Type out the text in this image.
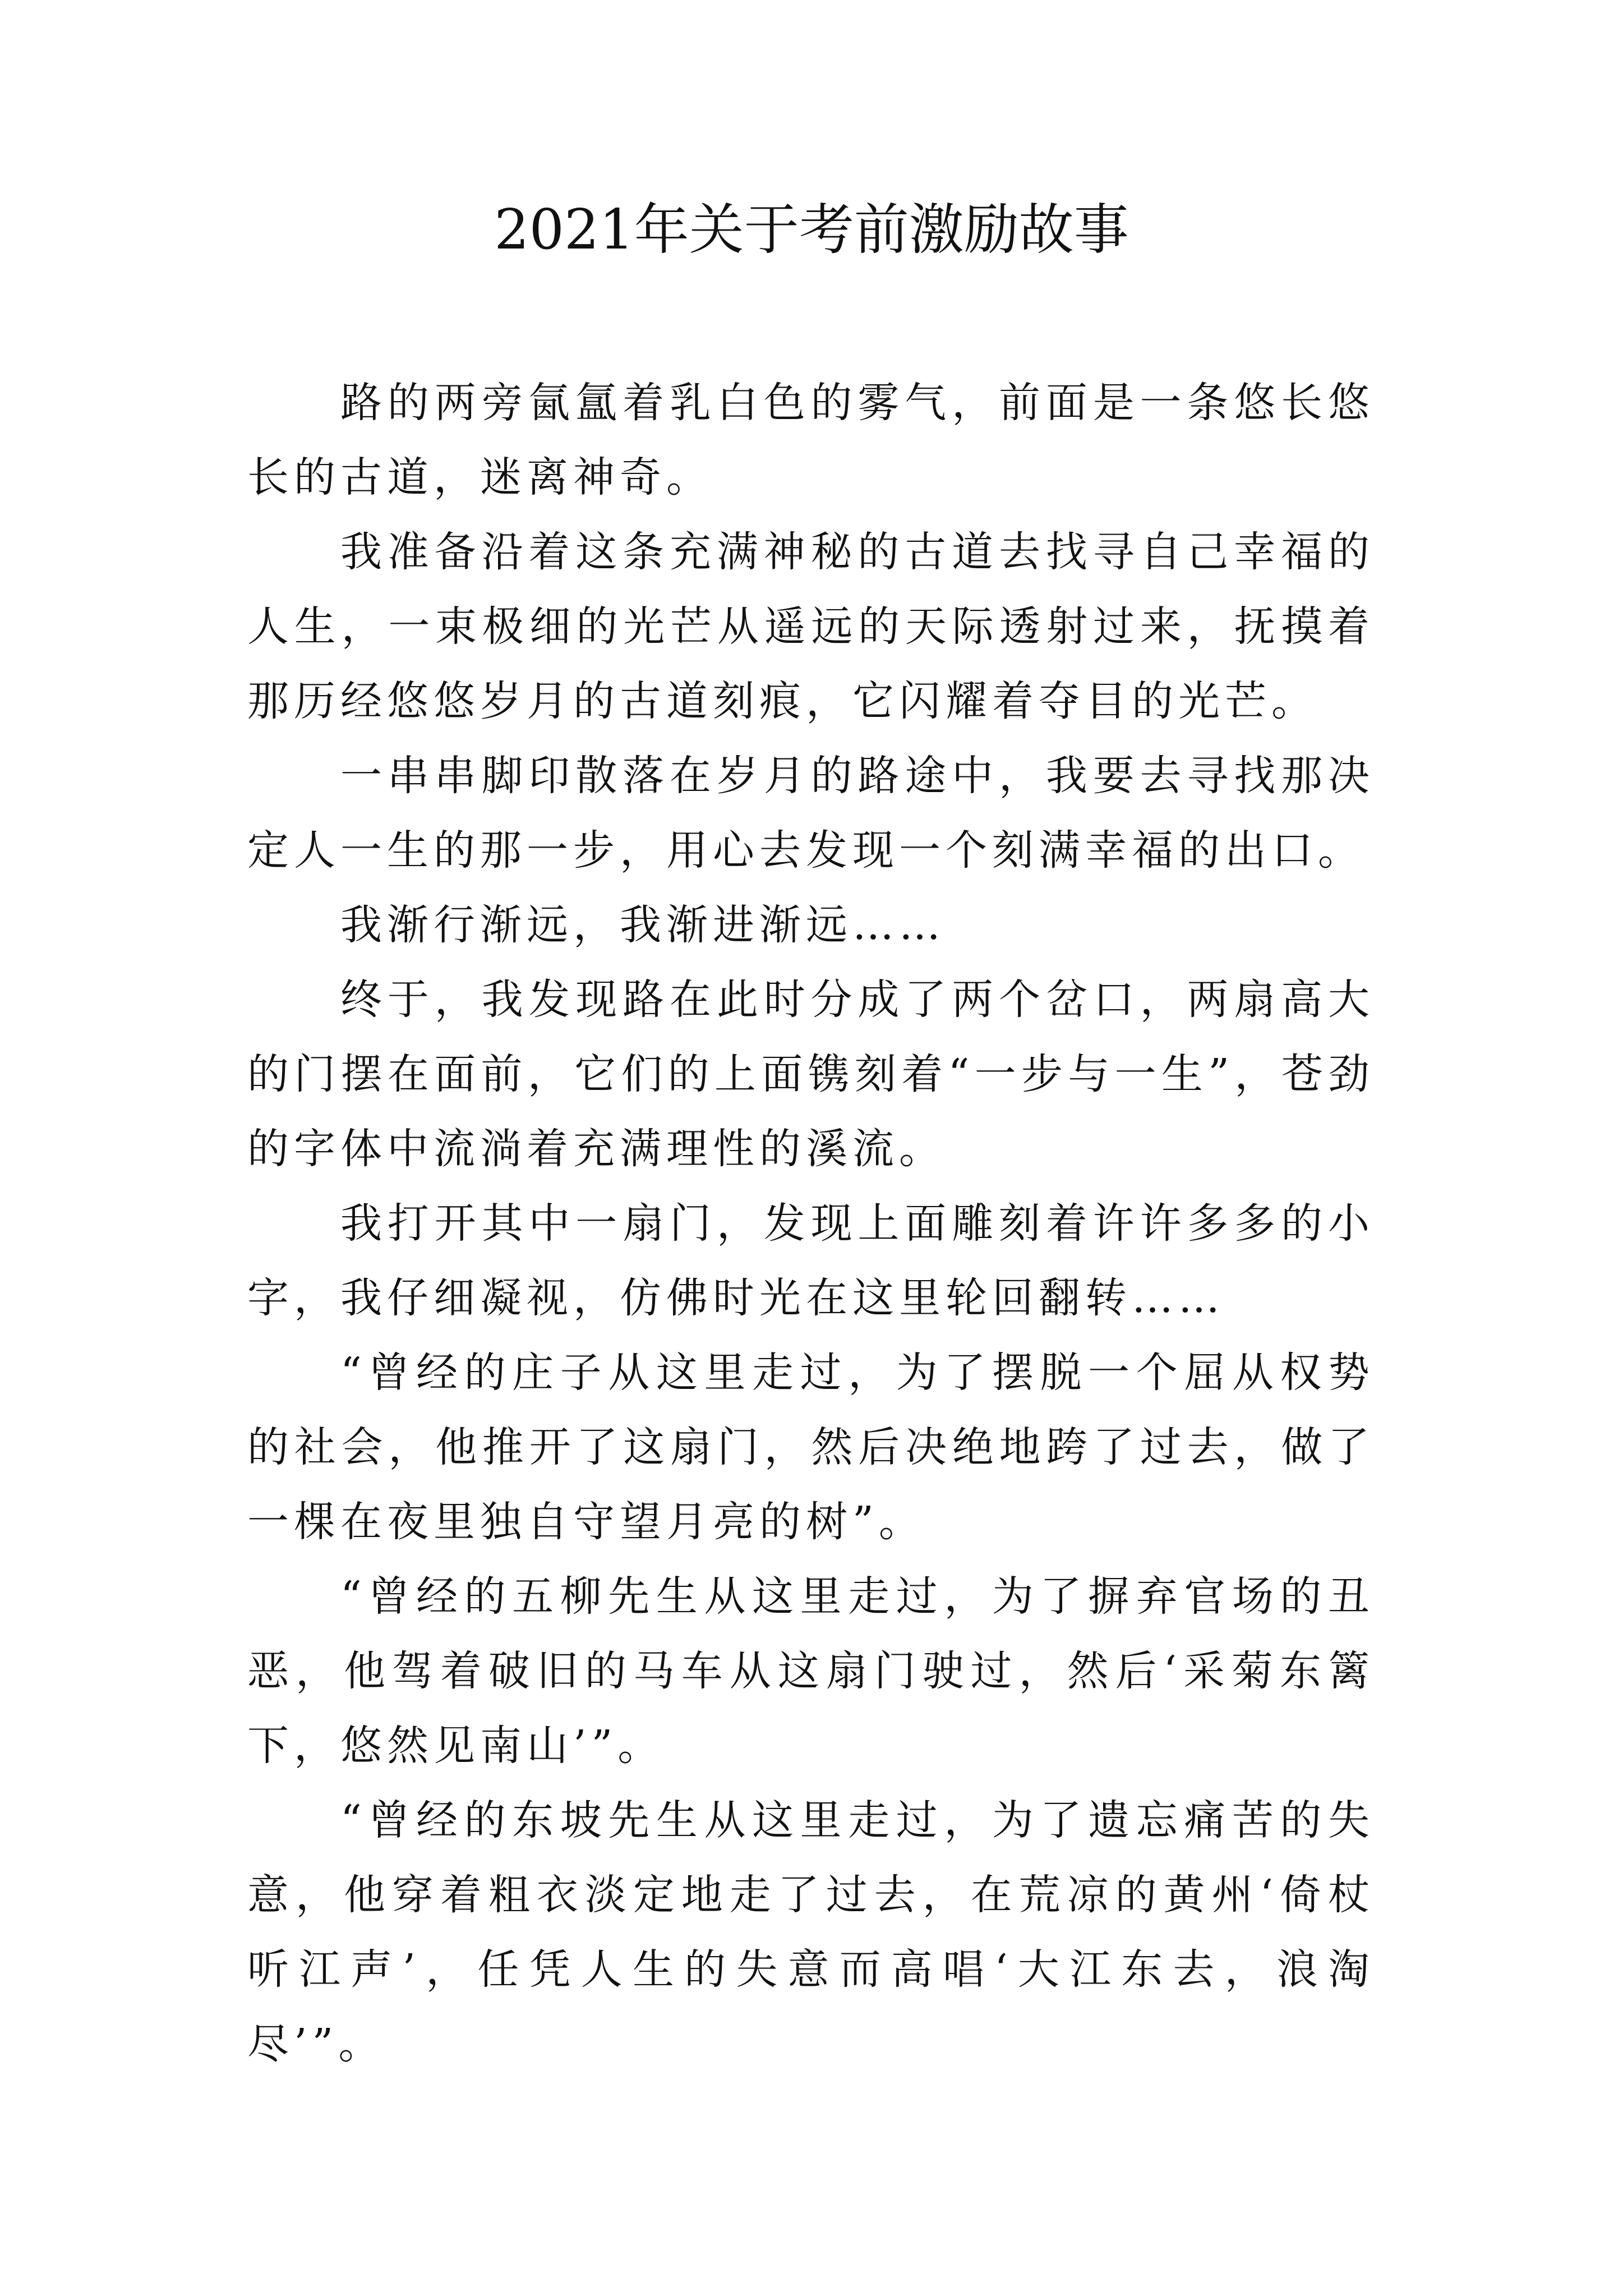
2021年关于考前激励故事

路的两旁氤氲着乳白色的雾气，前面是一条悠长悠长的古道，迷离神奇。

我准备沿着这条充满神秘的古道去找寻自己幸福的人生，一束极细的光芒从遥远的天际透射过来，抚摸着那历经悠悠岁月的古道刻痕，它闪耀着夺目的光芒。

一串串脚印散落在岁月的路途中，我要去寻找那决定人一生的那一步，用心去发现一个刻满幸福的出口。

我渐行渐远，我渐进渐远……

终于，我发现路在此时分成了两个岔口，两扇高大的门摆在面前，它们的上面镌刻着“一步与一生”，苍劲的字体中流淌着充满理性的溪流。

我打开其中一扇门，发现上面雕刻着许许多多的小字，我仔细凝视，仿佛时光在这里轮回翻转……

“曾经的庄子从这里走过，为了摆脱一个屈从权势的社会，他推开了这扇门，然后决绝地跨了过去，做了一棵在夜里独自守望月亮的树”。

“曾经的五柳先生从这里走过，为了摒弃官场的丑恶，他驾着破旧的马车从这扇门驶过，然后‘采菊东篱下，悠然见南山’”。

“曾经的东坡先生从这里走过，为了遗忘痛苦的失意，他穿着粗衣淡定地走了过去，在荒凉的黄州‘倚杖听江声’，任凭人生的失意而高唱‘大江东去，浪淘尽’”。
